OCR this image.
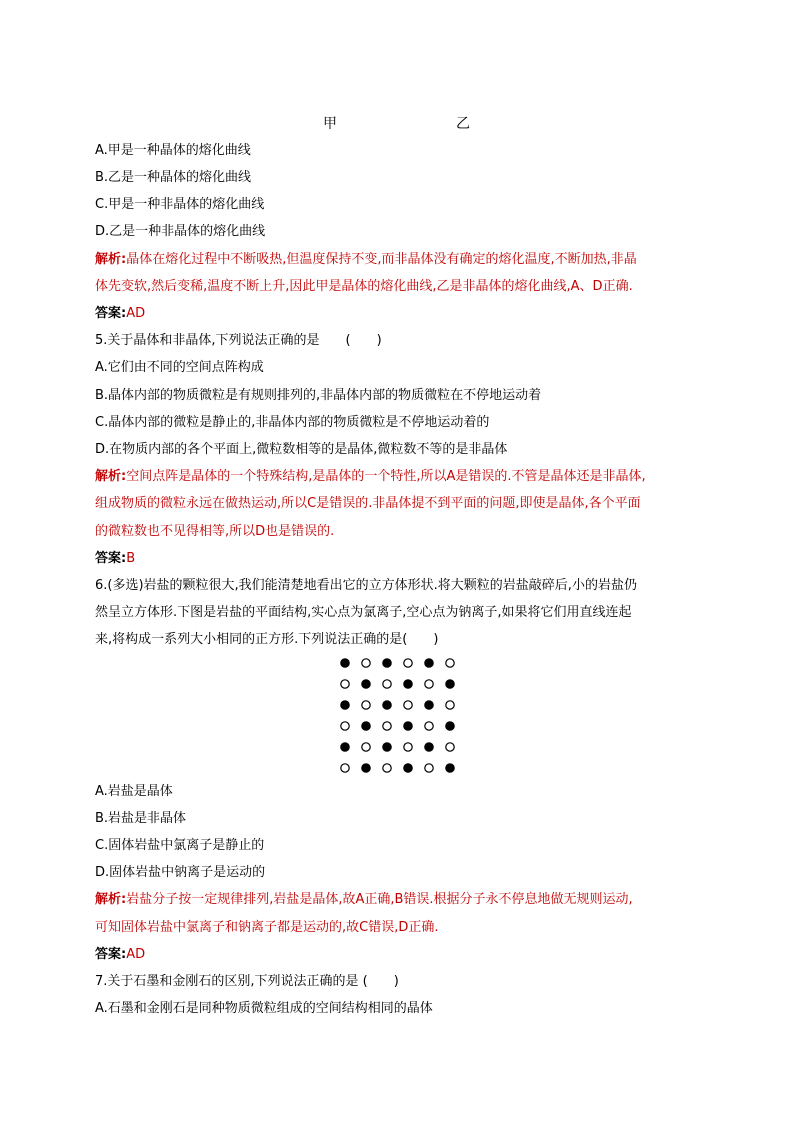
甲	乙
A.甲是一种晶体的熔化曲线
B.乙是一种晶体的熔化曲线
C.甲是一种非晶体的熔化曲线
D.乙是一种非晶体的熔化曲线
解析:晶体在熔化过程中不断吸热,但温度保持不变,而非晶体没有确定的熔化温度,不断加热,非晶
体先变软,然后变稀,温度不断上升,因此甲是晶体的熔化曲线,乙是非晶体的熔化曲线,A、D正确.
答案:AD
5.关于晶体和非晶体,下列说法正确的是　　(　　)
A.它们由不同的空间点阵构成
B.晶体内部的物质微粒是有规则排列的,非晶体内部的物质微粒在不停地运动着
C.晶体内部的微粒是静止的,非晶体内部的物质微粒是不停地运动着的
D.在物质内部的各个平面上,微粒数相等的是晶体,微粒数不等的是非晶体
解析:空间点阵是晶体的一个特殊结构,是晶体的一个特性,所以A是错误的.不管是晶体还是非晶体,
组成物质的微粒永远在做热运动,所以C是错误的.非晶体提不到平面的问题,即使是晶体,各个平面
的微粒数也不见得相等,所以D也是错误的.
答案:B
6.(多选)岩盐的颗粒很大,我们能清楚地看出它的立方体形状.将大颗粒的岩盐敲碎后,小的岩盐仍
然呈立方体形.下图是岩盐的平面结构,实心点为氯离子,空心点为钠离子,如果将它们用直线连起
来,将构成一系列大小相同的正方形.下列说法正确的是(　　)
A.岩盐是晶体
B.岩盐是非晶体
C.固体岩盐中氯离子是静止的
D.固体岩盐中钠离子是运动的
解析:岩盐分子按一定规律排列,岩盐是晶体,故A正确,B错误.根据分子永不停息地做无规则运动,
可知固体岩盐中氯离子和钠离子都是运动的,故C错误,D正确.
答案:AD
7.关于石墨和金刚石的区别,下列说法正确的是 (　　)
A.石墨和金刚石是同种物质微粒组成的空间结构相同的晶体
